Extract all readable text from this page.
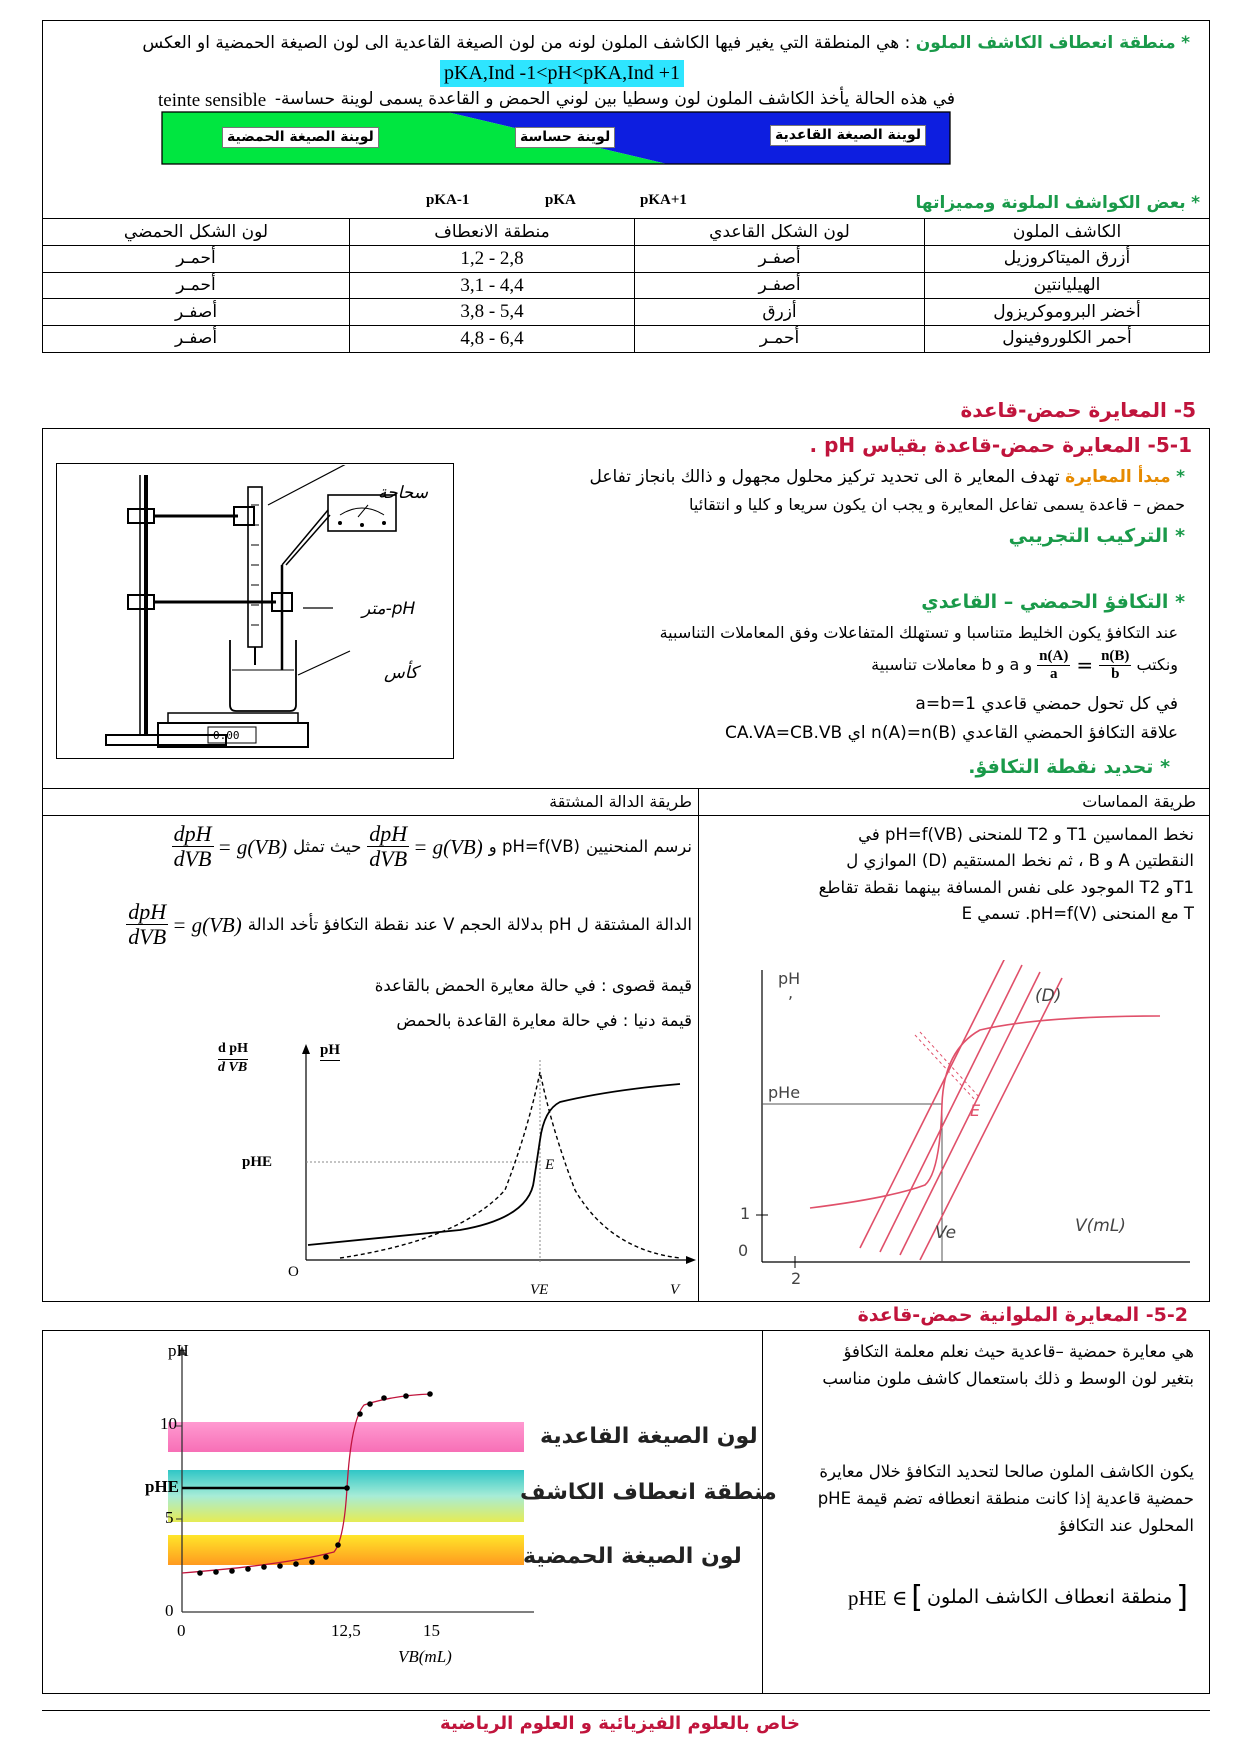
* منطقة انعطاف الكاشف الملون : هي المنطقة التي يغير فيها الكاشف الملون لونه من لون الصيغة القاعدية الى لون الصيغة الحمضية او العكس
pKA,Ind -1<pH<pKA,Ind +1
في هذه الحالة يأخذ الكاشف الملون لون وسطيا بين لوني الحمض و القاعدة يسمى لوينة حساسة-
teinte sensible
لوينة الصيغة الحمضية	لوينة حساسة	لوينة الصيغة القاعدية
pKA-1	pKA	pKA+1	* بعض الكواشف الملونة ومميزاتها
الكاشف الملون	لون الشكل القاعدي	منطقة الانعطاف	لون الشكل الحمضي
أزرق الميتاكروزيل	أصفـر	1,2 - 2,8	أحمـر
الهيليانتين	أصفـر	3,1 - 4,4	أحمـر
أخضر البروموكريزول	أزرق	3,8 - 5,4	أصفـر
أحمر الكلوروفينول	أحمـر	4,8 - 6,4	أصفـر
5- المعايرة حمض-قاعدة
5-1- المعايرة حمض-قاعدة بقياس pH .
سحاحة
pH-متر
كأس
0.00
* مبدأ المعايرة تهدف المعاير ة الى تحديد تركيز محلول مجهول و ذالك بانجاز تفاعل
حمض – قاعدة يسمى تفاعل المعايرة و يجب ان يكون سريعا و كليا و انتقائيا
* التركيب التجريبي
* التكافؤ الحمضي – القاعدي
عند التكافؤ يكون الخليط متناسبا و تستهلك المتفاعلات وفق المعاملات التناسبية
ونكتب
$\frac{n(A)}{a} = \frac{n(B)}{b}$
و a و b معاملات تناسبية
في كل تحول حمضي قاعدي a=b=1
علاقة التكافؤ الحمضي القاعدي n(A)=n(B) اي CA.VA=CB.VB
* تحديد نقطة التكافؤ.
طريقة المماسات
طريقة الدالة المشتقة
نخط المماسين T1 و T2 للمنحنى pH=f(VB) في
النقطتين A و B ، ثم نخط المستقيم (D) الموازي ل
T1و T2 الموجود على نفس المسافة بينهما نقطة تقاطع
T مع المنحنى pH=f(V). تسمي E
نرسم المنحنيين
pH=f(VB) و
$\frac{\text{dpH}}{\text{dVB}} = g(VB)$
حيث تمثل
$\frac{\text{dpH}}{\text{dVB}} = g(VB)$
الدالة المشتقة ل pH بدلالة الحجم V عند نقطة التكافؤ تأخد الدالة
$\frac{\text{dpH}}{\text{dVB}} = g(VB)$
قيمة قصوى : في حالة معايرة الحمض بالقاعدة
قيمة دنيا : في حالة معايرة القاعدة بالحمض
d pH
d VB
pH
pHE	E
O
VE	V
pH
,	(D)
pHe
E
1
0
2
Ve	V(mL)
5-2- المعايرة الملوانية حمض-قاعدة
هي معايرة حمضية –قاعدية حيث نعلم معلمة التكافؤ بتغير لون الوسط و ذلك باستعمال كاشف ملون مناسب
يكون الكاشف الملون صالحا لتحديد التكافؤ خلال معايرة حمضية قاعدية إذا كانت منطقة انعطافه تضم قيمة pHE المحلول عند التكافؤ
[
منطقة انعطاف الكاشف الملون
]
pHE ∈
pH
10
5
0
pHE
0	12,5	15
VB(mL)
لون الصيغة القاعدية
منطقة انعطاف الكاشف
لون الصيغة الحمضية
خاص بالعلوم الفيزيائية و العلوم الرياضية
